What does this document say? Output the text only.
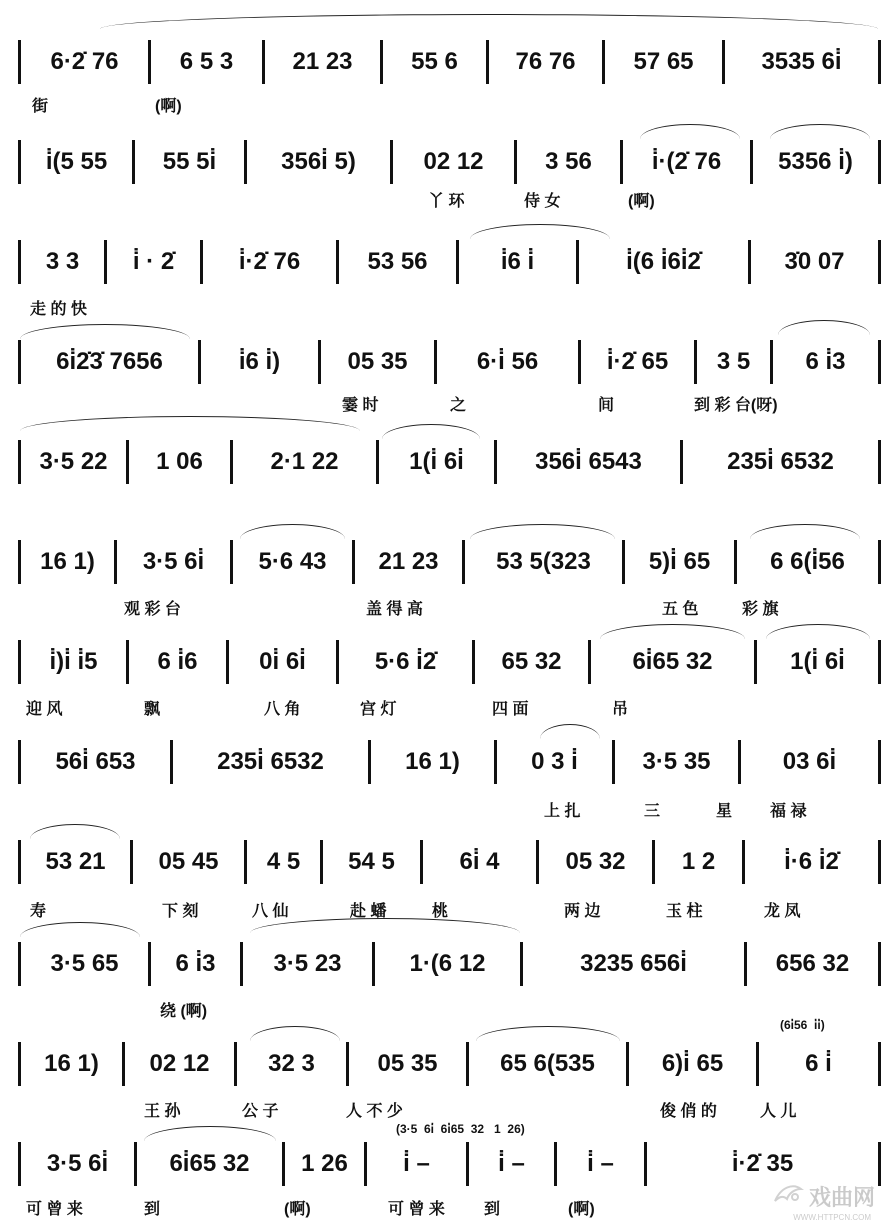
6·2̇ 76	6 5 3	21 23	55 6	76 76	57 65	3535 6i̇
街	(啊)
i̇(5 55	55 5i̇	356i̇ 5)	02 12	3 56	i̇·(2̇ 76	5356 i̇)
丫 环	侍 女	(啊)
3 3	i̇ · 2̇	i̇·2̇ 76	53 56	i̇6 i̇	i̇(6 i̇6i̇2̇	3̇0 07
走 的 快
6i̇2̇3̇ 7656	i̇6 i̇)	05 35	6·i̇ 56	i̇·2̇ 65	3 5	6 i̇3
霎 时	之	间	到 彩 台(呀)
3·5 22	1 06	2·1 22	1(i̇ 6i̇	356i̇ 6543	235i̇ 6532
16 1)	3·5 6i̇	5·6 43	21 23	53 5(323	5)i̇ 65	6 6(i̇56
观 彩 台	盖 得 高	五 色	彩 旗
i̇)i̇ i̇5	6 i̇6	0i̇ 6i̇	5·6 i̇2̇	65 32	6i̇65 32	1(i̇ 6i̇
迎 风	飘	八 角	宫 灯	四 面	吊
56i̇ 653	235i̇ 6532	16 1)	0 3 i̇	3·5 35	03 6i̇
上 扎	三	星 福 禄
53 21	05 45	4 5	54 5	6i̇ 4	05 32	1 2	i̇·6 i̇2̇
寿	下 刻	八 仙	赴 蟠	桃	两 边	玉 柱	龙 凤
3·5 65	6 i̇3	3·5 23	1·(6 12	3235 656i̇	656 32
绕 (啊)
16 1)	02 12	32 3	05 35	65 6(535	6)i̇ 65	6 i̇
王 孙	公 子	人 不 少	俊 俏 的	人 儿
(6i̇56  i̇i̇)
3·5 6i̇	6i̇65 32	1 26	i̇ –	i̇ –	i̇ –	i̇·2̇ 35
可 曾 来	到	(啊)	可 曾 来 到	(啊)
(3·5  6i̇  6i̇65  32   1  26)
戏曲网
WWW.HTTPCN.COM
